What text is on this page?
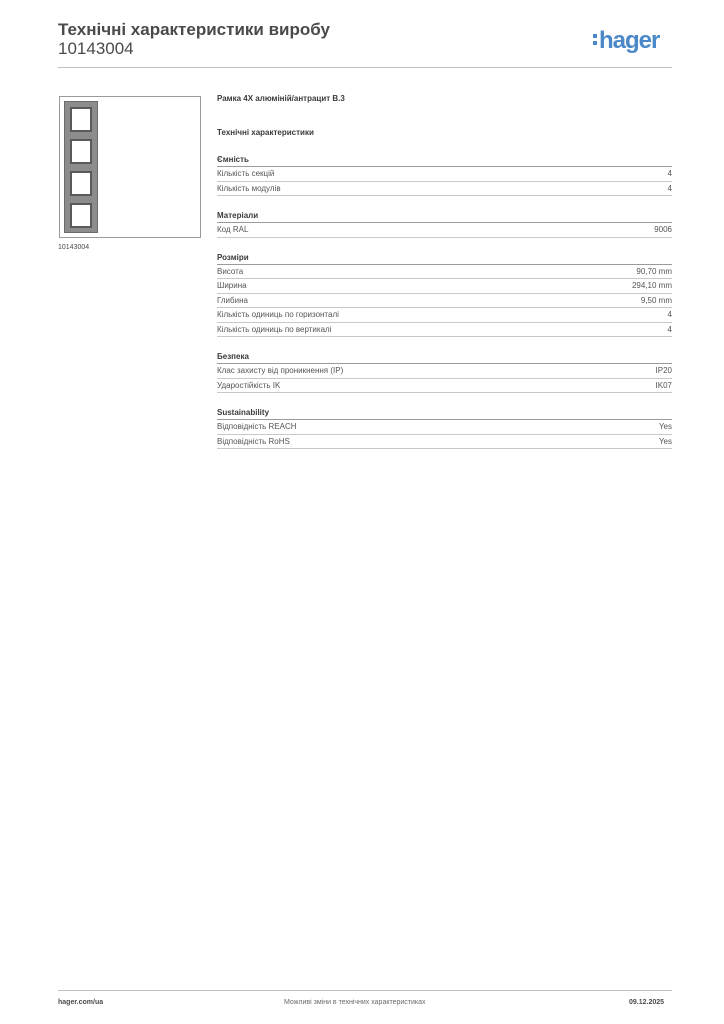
Технічні характеристики виробу
10143004	hager
10143004
Рамка 4X алюміній/антрацит B.3
Технічні характеристики
Ємність
Кількість секцій	4
Кількість модулів	4
Матеріали
Код RAL	9006
Розміри
Висота	90,70 mm
Ширина	294,10 mm
Глибина	9,50 mm
Кількість одиниць по горизонталі	4
Кількість одиниць по вертикалі	4
Безпека
Клас захисту від проникнення (IP)	IP20
Ударостійкість IK	IK07
Sustainability
Відповідність REACH	Yes
Відповідність RoHS	Yes
hager.com/ua	Можливі зміни в технічних характеристиках	09.12.2025
